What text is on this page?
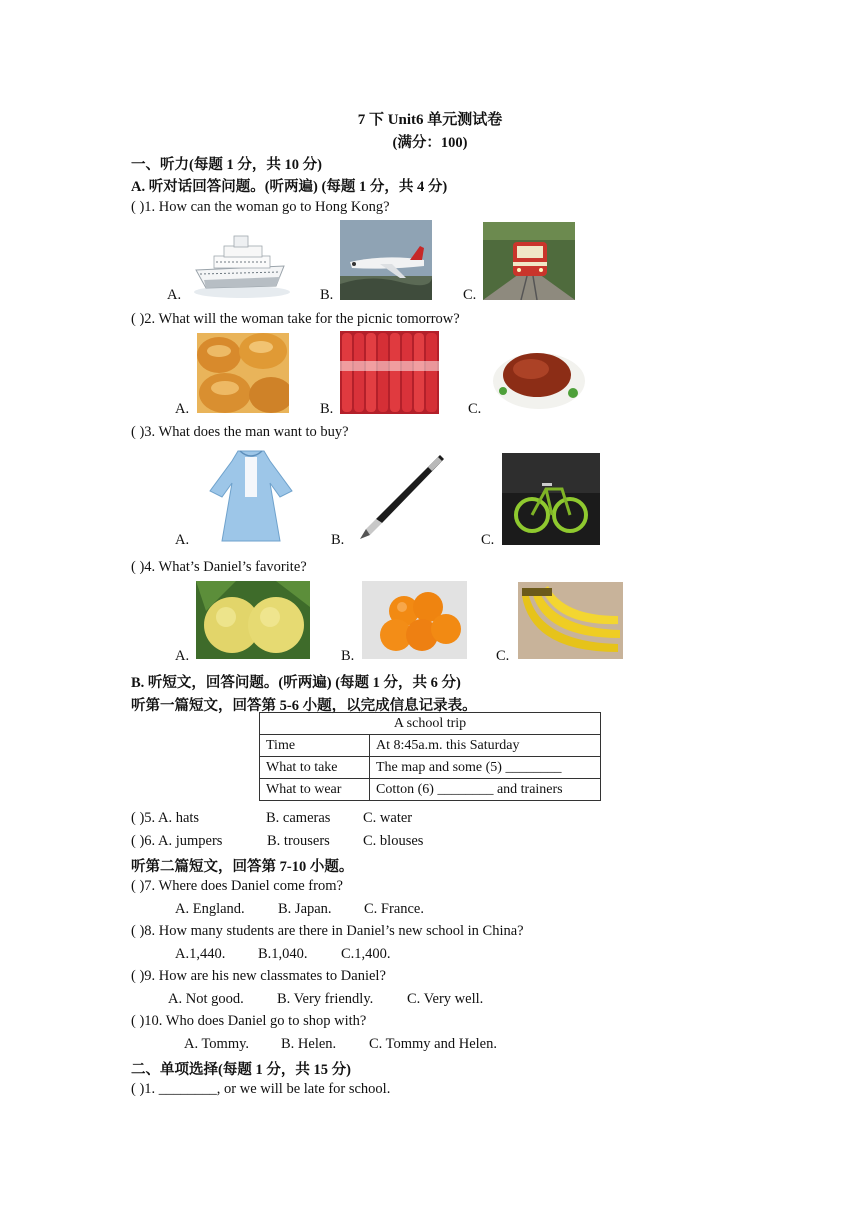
7 下 Unit6 单元测试卷
(满分：100)
一、听力(每题 1 分，共 10 分)
A. 听对话回答问题。(听两遍) (每题 1 分，共 4 分)
( )1. How can the woman go to Hong Kong?
A.	B.	C.
( )2. What will the woman take for the picnic tomorrow?
A.	B.	C.
( )3. What does the man want to buy?
A.	B.	C.
( )4. What’s Daniel’s favorite?
A.	B.	C.
B. 听短文，回答问题。(听两遍) (每题 1 分，共 6 分)
听第一篇短文，回答第 5-6 小题，以完成信息记录表。
A school trip	
Time	At 8:45a.m. this Saturday
What to take	The map and some (5) ________
What to wear	Cotton (6) ________ and trainers
( )5. A. hats	B. cameras C. water
( )6. A. jumpers	B. trousers C. blouses
听第二篇短文，回答第 7-10 小题。
( )7. Where does Daniel come from?
A. England. B. Japan. C. France.
( )8. How many students are there in Daniel’s new school in China?
A.1,440. B.1,040. C.1,400.
( )9. How are his new classmates to Daniel?
A. Not good. B. Very friendly. C. Very well.
( )10. Who does Daniel go to shop with?
A. Tommy. B. Helen. C. Tommy and Helen.
二、单项选择(每题 1 分，共 15 分)
( )1. ________, or we will be late for school.
